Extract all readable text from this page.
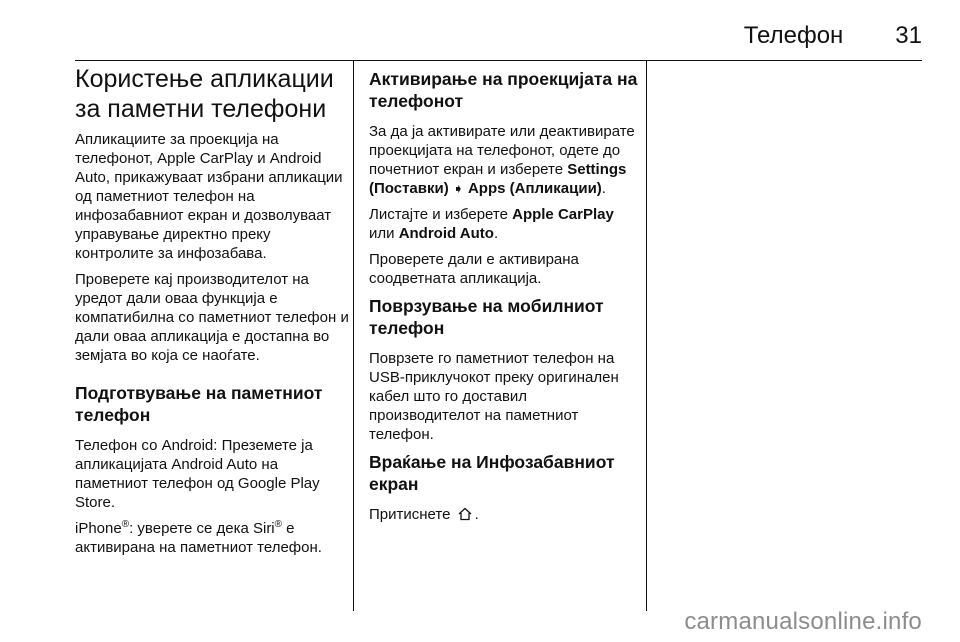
Телефон 31
Користење апликации за паметни телефони

Апликациите за проекција на телефонот, Apple CarPlay и Android Auto, прикажуваат избрани апликации од паметниот телефон на инфозабавниот екран и дозволуваат управување директно преку контролите за инфозабава.

Проверете кај производителот на уредот дали оваа функција е компатибилна со паметниот телефон и дали оваа апликација е достапна во земјата во која се наоѓате.

Подготвување на паметниот телефон

Телефон со Android: Преземете ја апликацијата Android Auto на паметниот телефон од Google Play Store.

iPhone®: уверете се дека Siri® е активирана на паметниот телефон.

Активирање на проекцијата на телефонот

За да ја активирате или деактивирате проекцијата на телефонот, одете до почетниот екран и изберете Settings (Поставки) ➧ Apps (Апликации).

Листајте и изберете Apple CarPlay или Android Auto.

Проверете дали е активирана соодветната апликација.

Поврзување на мобилниот телефон

Поврзете го паметниот телефон на USB-приклучокот преку оригинален кабел што го доставил производителот на паметниот телефон.

Враќање на Инфозабавниот екран

Притиснете .

carmanualsonline.info
